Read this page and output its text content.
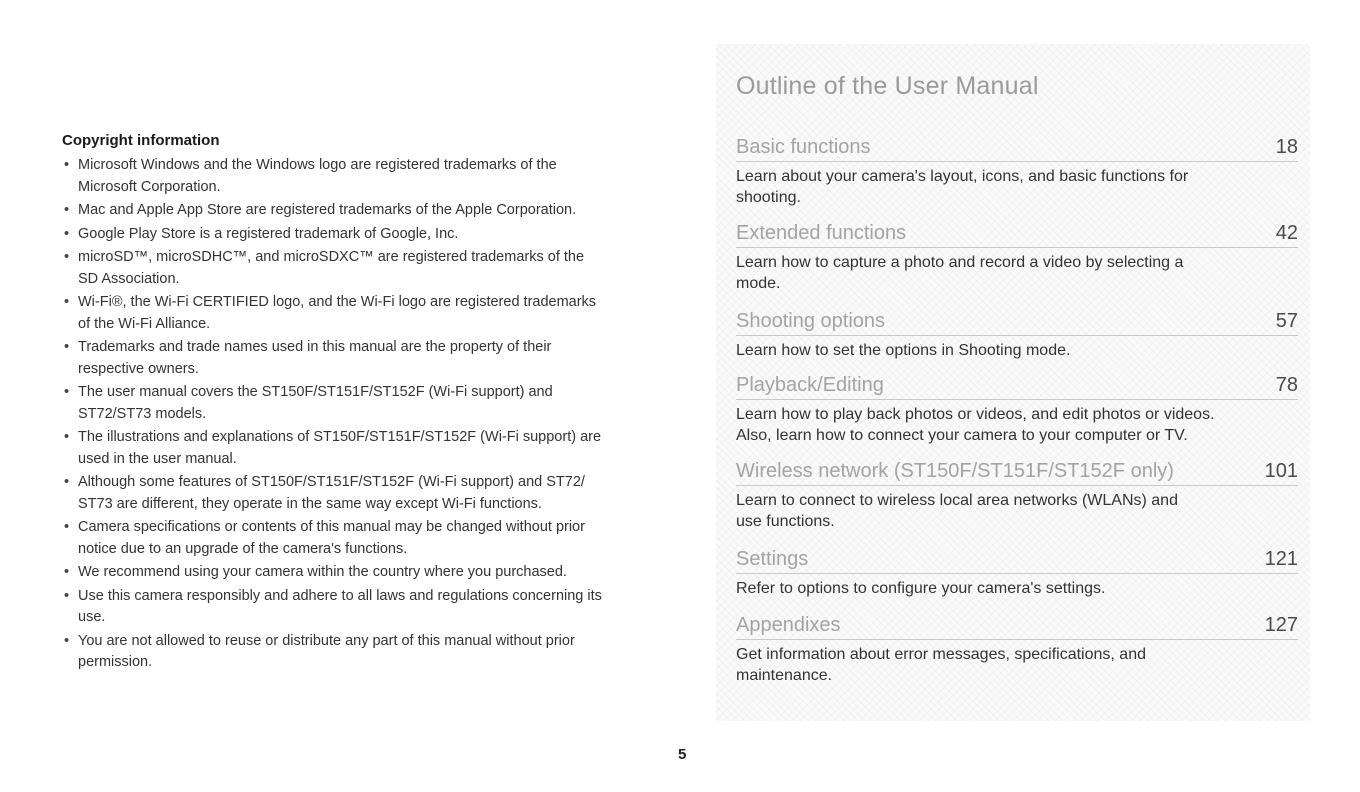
Copyright information
• Microsoft Windows and the Windows logo are registered trademarks of the Microsoft Corporation.
• Mac and Apple App Store are registered trademarks of the Apple Corporation.
• Google Play Store is a registered trademark of Google, Inc.
• microSD™, microSDHC™, and microSDXC™ are registered trademarks of the SD Association.
• Wi-Fi®, the Wi-Fi CERTIFIED logo, and the Wi-Fi logo are registered trademarks of the Wi-Fi Alliance.
• Trademarks and trade names used in this manual are the property of their respective owners.
• The user manual covers the ST150F/ST151F/ST152F (Wi-Fi support) and ST72/ST73 models.
• The illustrations and explanations of ST150F/ST151F/ST152F (Wi-Fi support) are used in the user manual.
• Although some features of ST150F/ST151F/ST152F (Wi-Fi support) and ST72/ ST73 are different, they operate in the same way except Wi-Fi functions.
• Camera specifications or contents of this manual may be changed without prior notice due to an upgrade of the camera's functions.
• We recommend using your camera within the country where you purchased.
• Use this camera responsibly and adhere to all laws and regulations concerning its use.
• You are not allowed to reuse or distribute any part of this manual without prior permission.
Outline of the User Manual
Basic functions	18
Learn about your camera's layout, icons, and basic functions for shooting.
Extended functions	42
Learn how to capture a photo and record a video by selecting a mode.
Shooting options	57
Learn how to set the options in Shooting mode.
Playback/Editing	78
Learn how to play back photos or videos, and edit photos or videos. Also, learn how to connect your camera to your computer or TV.
Wireless network (ST150F/ST151F/ST152F only)	101
Learn to connect to wireless local area networks (WLANs) and use functions.
Settings	121
Refer to options to configure your camera's settings.
Appendixes	127
Get information about error messages, specifications, and maintenance.
5
